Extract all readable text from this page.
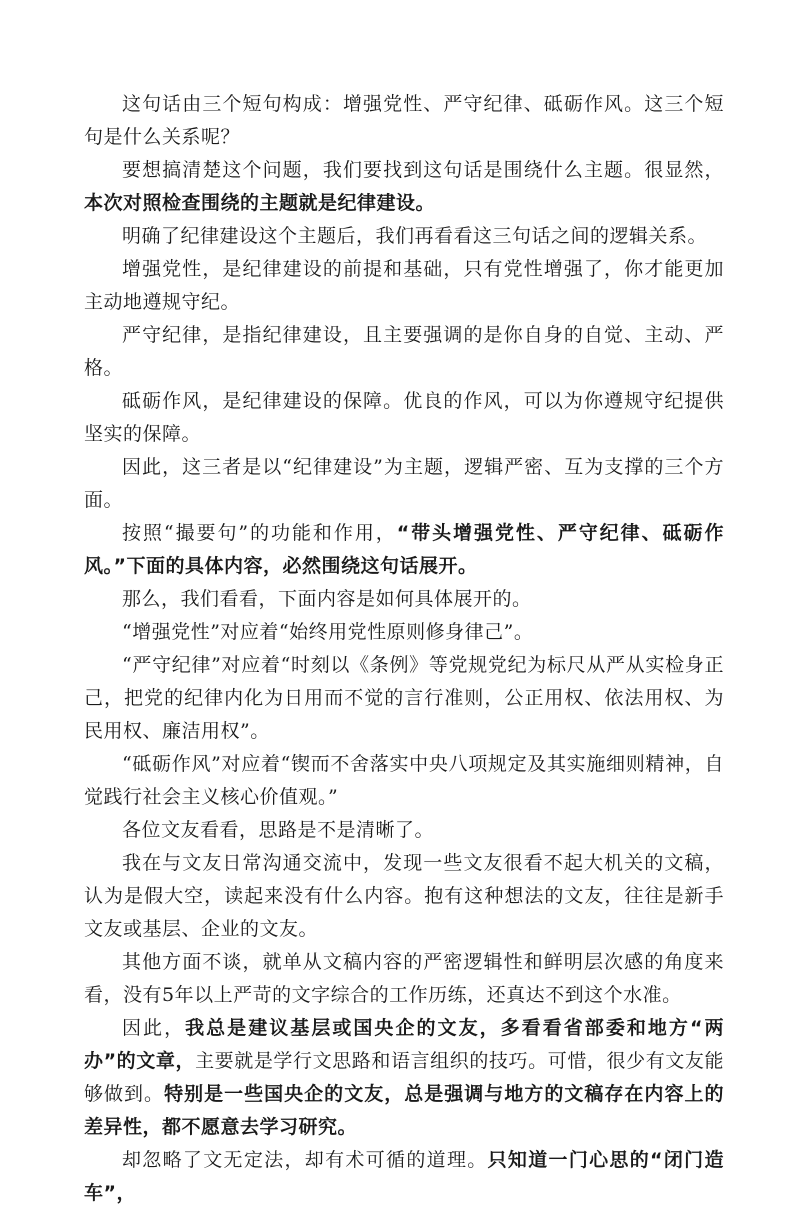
这句话由三个短句构成：增强党性、严守纪律、砥砺作风。这三个短句是什么关系呢？

要想搞清楚这个问题，我们要找到这句话是围绕什么主题。很显然，本次对照检查围绕的主题就是纪律建设。

明确了纪律建设这个主题后，我们再看看这三句话之间的逻辑关系。

增强党性，是纪律建设的前提和基础，只有党性增强了，你才能更加主动地遵规守纪。

严守纪律，是指纪律建设，且主要强调的是你自身的自觉、主动、严格。

砥砺作风，是纪律建设的保障。优良的作风，可以为你遵规守纪提供坚实的保障。

因此，这三者是以“纪律建设”为主题，逻辑严密、互为支撑的三个方面。

按照“撮要句”的功能和作用，“带头增强党性、严守纪律、砥砺作风。”下面的具体内容，必然围绕这句话展开。

那么，我们看看，下面内容是如何具体展开的。

“增强党性”对应着“始终用党性原则修身律己”。

“严守纪律”对应着“时刻以《条例》等党规党纪为标尺从严从实检身正己，把党的纪律内化为日用而不觉的言行准则，公正用权、依法用权、为民用权、廉洁用权”。

“砥砺作风”对应着“锲而不舍落实中央八项规定及其实施细则精神，自觉践行社会主义核心价值观。”

各位文友看看，思路是不是清晰了。

我在与文友日常沟通交流中，发现一些文友很看不起大机关的文稿，认为是假大空，读起来没有什么内容。抱有这种想法的文友，往往是新手文友或基层、企业的文友。

其他方面不谈，就单从文稿内容的严密逻辑性和鲜明层次感的角度来看，没有5年以上严苛的文字综合的工作历练，还真达不到这个水准。

因此，我总是建议基层或国央企的文友，多看看省部委和地方“两办”的文章，主要就是学行文思路和语言组织的技巧。可惜，很少有文友能够做到。特别是一些国央企的文友，总是强调与地方的文稿存在内容上的差异性，都不愿意去学习研究。

却忽略了文无定法，却有术可循的道理。只知道一门心思的“闭门造车”，
